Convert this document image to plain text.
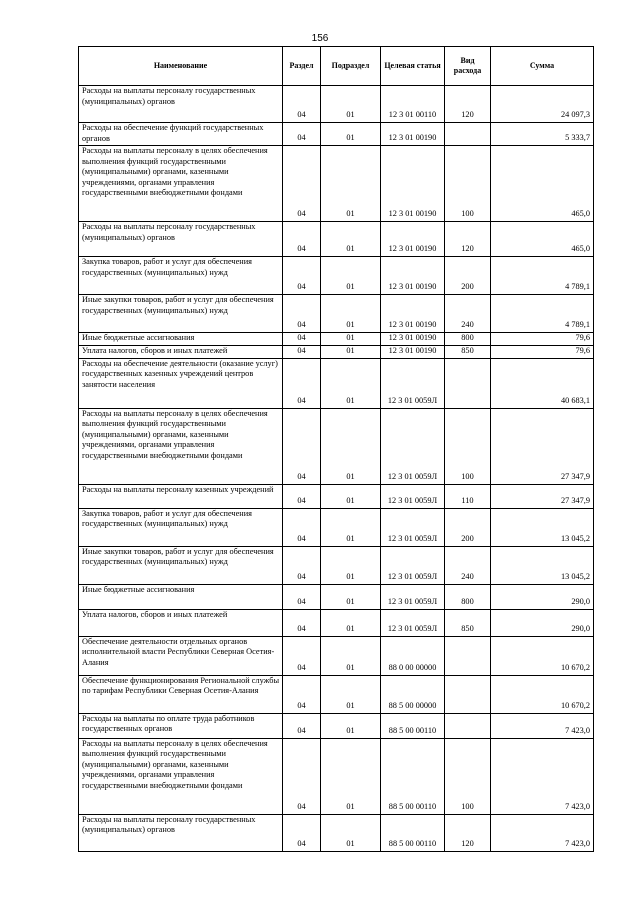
156
Наименование	Раздел	Подраздел	Целевая статья	Вид расхода	Сумма
Расходы на выплаты персоналу государственных (муниципальных) органов	04	01	12 3 01 00110	120	24 097,3
Расходы на обеспечение функций государственных органов	04	01	12 3 01 00190		5 333,7
Расходы на выплаты персоналу в целях обеспечения выполнения функций государственными (муниципальными) органами, казенными учреждениями, органами управления государственными внебюджетными фондами	04	01	12 3 01 00190	100	465,0
Расходы на выплаты персоналу государственных (муниципальных) органов	04	01	12 3 01 00190	120	465,0
Закупка товаров, работ и услуг для обеспечения государственных (муниципальных) нужд	04	01	12 3 01 00190	200	4 789,1
Иные закупки товаров, работ и услуг для обеспечения государственных (муниципальных) нужд	04	01	12 3 01 00190	240	4 789,1
Иные бюджетные ассигнования	04	01	12 3 01 00190	800	79,6
Уплата налогов, сборов и иных платежей	04	01	12 3 01 00190	850	79,6
Расходы на обеспечение деятельности (оказание услуг) государственных казенных учреждений центров занятости населения	04	01	12 3 01 0059Л		40 683,1
Расходы на выплаты персоналу в целях обеспечения выполнения функций государственными (муниципальными) органами, казенными учреждениями, органами управления государственными внебюджетными фондами	04	01	12 3 01 0059Л	100	27 347,9
Расходы на выплаты персоналу казенных учреждений	04	01	12 3 01 0059Л	110	27 347,9
Закупка товаров, работ и услуг для обеспечения государственных (муниципальных) нужд	04	01	12 3 01 0059Л	200	13 045,2
Иные закупки товаров, работ и услуг для обеспечения государственных (муниципальных) нужд	04	01	12 3 01 0059Л	240	13 045,2
Иные бюджетные ассигнования	04	01	12 3 01 0059Л	800	290,0
Уплата налогов, сборов и иных платежей	04	01	12 3 01 0059Л	850	290,0
Обеспечение деятельности отдельных органов исполнительной власти Республики Северная Осетия-Алания	04	01	88 0 00 00000		10 670,2
Обеспечение функционирования Региональной службы по тарифам Республики Северная Осетия-Алания	04	01	88 5 00 00000		10 670,2
Расходы на выплаты по оплате труда работников государственных органов	04	01	88 5 00 00110		7 423,0
Расходы на выплаты персоналу в целях обеспечения выполнения функций государственными (муниципальными) органами, казенными учреждениями, органами управления государственными внебюджетными фондами	04	01	88 5 00 00110	100	7 423,0
Расходы на выплаты персоналу государственных (муниципальных) органов	04	01	88 5 00 00110	120	7 423,0
